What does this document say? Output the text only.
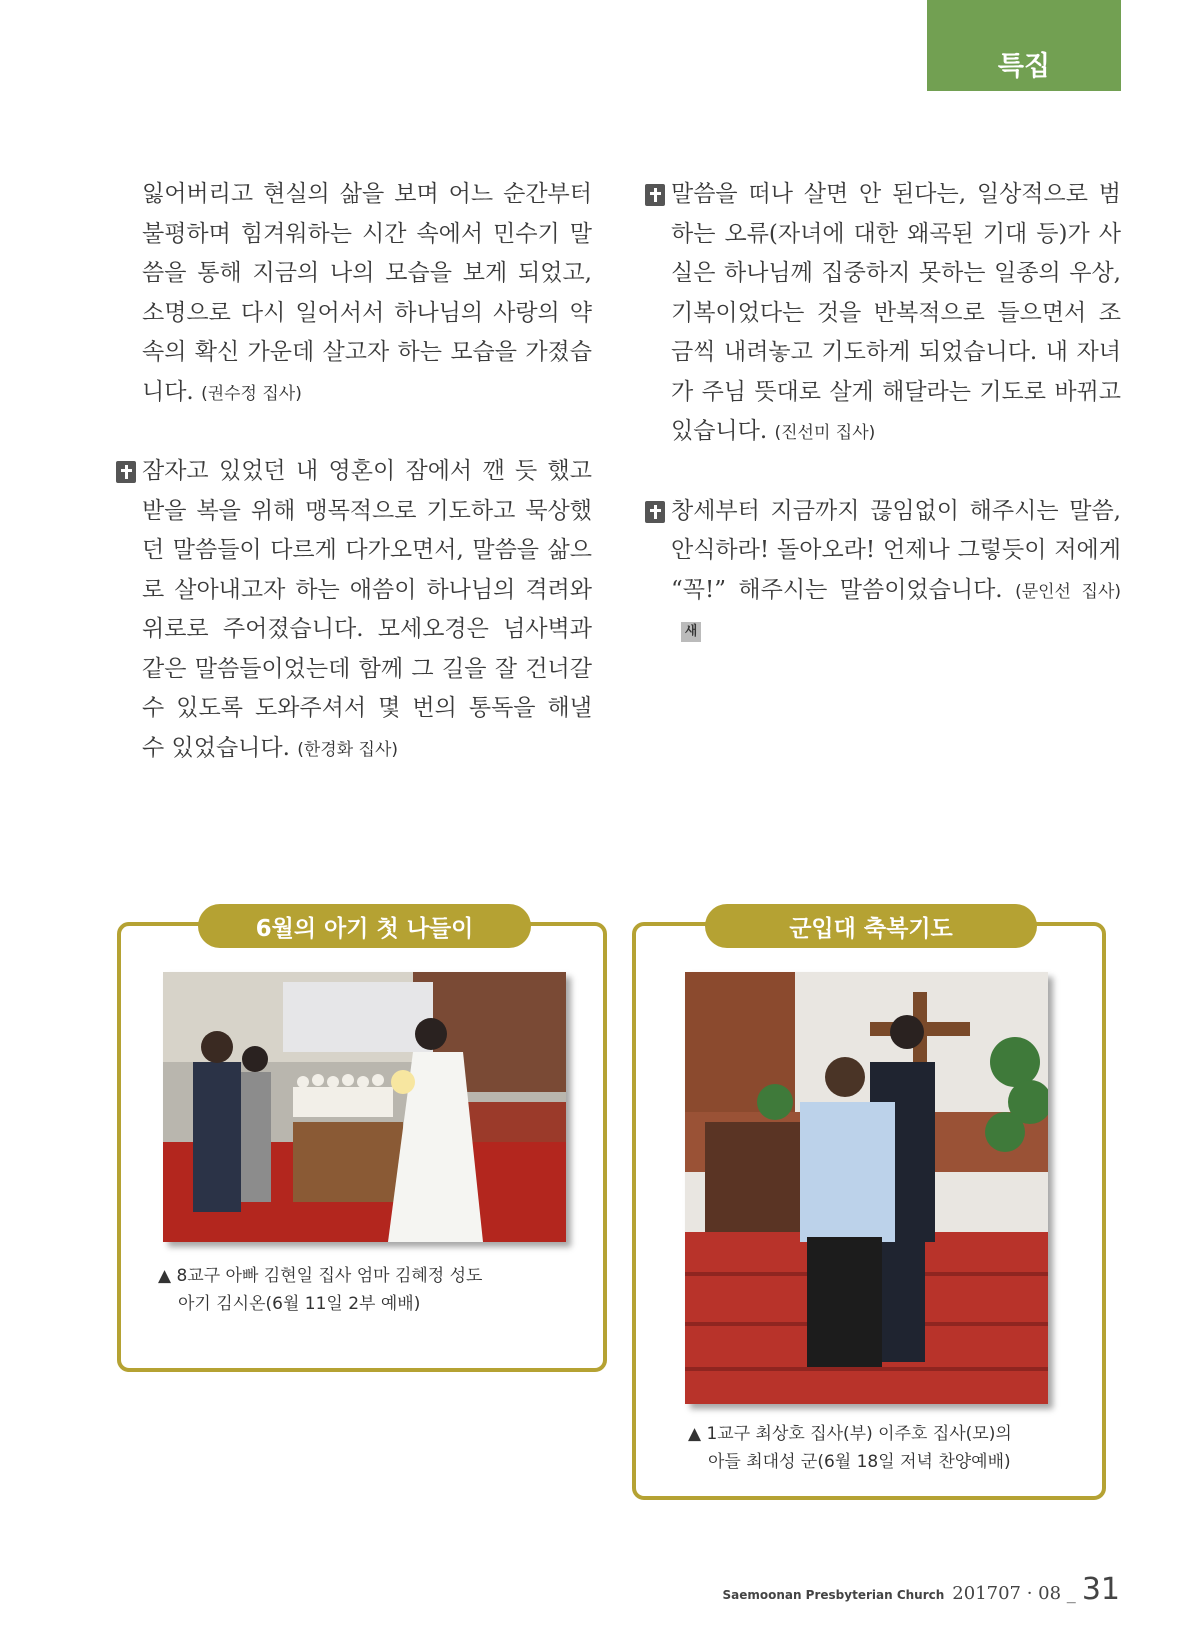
특집

잃어버리고 현실의 삶을 보며 어느 순간부터 불평하며 힘겨워하는 시간 속에서 민수기 말씀을 통해 지금의 나의 모습을 보게 되었고, 소명으로 다시 일어서서 하나님의 사랑의 약속의 확신 가운데 살고자 하는 모습을 가졌습니다. (권수정 집사)

잠자고 있었던 내 영혼이 잠에서 깬 듯 했고 받을 복을 위해 맹목적으로 기도하고 묵상했던 말씀들이 다르게 다가오면서, 말씀을 삶으로 살아내고자 하는 애씀이 하나님의 격려와 위로로 주어졌습니다. 모세오경은 넘사벽과 같은 말씀들이었는데 함께 그 길을 잘 건너갈 수 있도록 도와주셔서 몇 번의 통독을 해낼 수 있었습니다. (한경화 집사)

말씀을 떠나 살면 안 된다는, 일상적으로 범하는 오류(자녀에 대한 왜곡된 기대 등)가 사실은 하나님께 집중하지 못하는 일종의 우상, 기복이었다는 것을 반복적으로 들으면서 조금씩 내려놓고 기도하게 되었습니다. 내 자녀가 주님 뜻대로 살게 해달라는 기도로 바뀌고 있습니다. (진선미 집사)

창세부터 지금까지 끊임없이 해주시는 말씀, 안식하라! 돌아오라! 언제나 그렇듯이 저에게 “꼭!” 해주시는 말씀이었습니다. (문인선 집사)새

6월의 아기 첫 나들이
▲ 8교구 아빠 김현일 집사 엄마 김혜정 성도
아기 김시온(6월 11일 2부 예배)
군입대 축복기도
▲ 1교구 최상호 집사(부) 이주호 집사(모)의
아들 최대성 군(6월 18일 저녁 찬양예배)
Saemoonan Presbyterian Church 201707 · 08 _ 31
